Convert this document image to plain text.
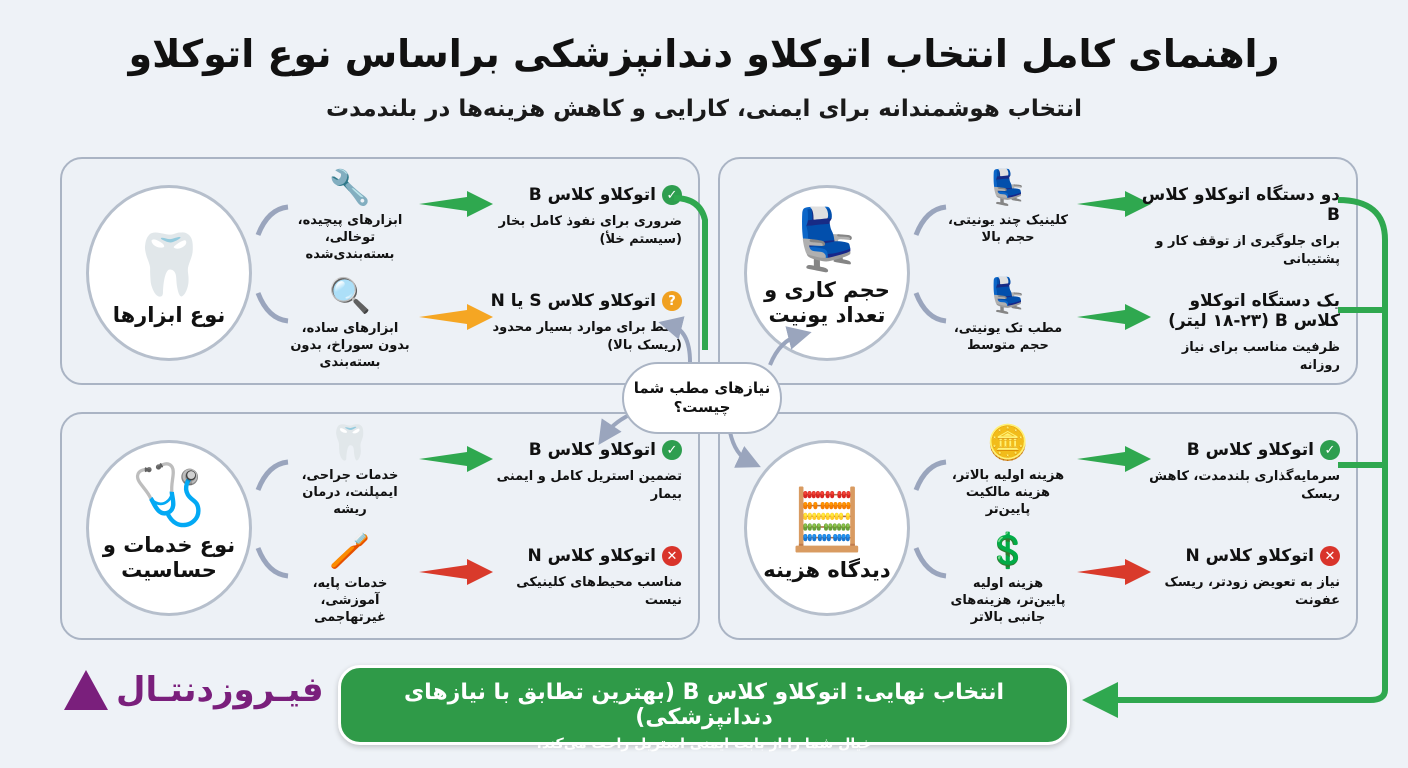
راهنمای کامل انتخاب اتوکلاو دندانپزشکی براساس نوع اتوکلاو
انتخاب هوشمندانه برای ایمنی، کارایی و کاهش هزینه‌ها در بلندمدت
🦷
نوع ابزارها
🔧
ابزارهای پیچیده، توخالی، بسته‌بندی‌شده
✓
اتوکلاو کلاس B
ضروری برای نفوذ کامل بخار (سیستم خلأ)
🔍
ابزارهای ساده، بدون سوراخ، بدون بسته‌بندی
?
اتوکلاو کلاس S یا N
فقط برای موارد بسیار محدود (ریسک بالا)
💺
حجم کاری و تعداد یونیت
💺
کلینیک چند یونیتی، حجم بالا
دو دستگاه اتوکلاو کلاس B
برای جلوگیری از توقف کار و پشتیبانی
💺
مطب تک یونیتی، حجم متوسط
یک دستگاه اتوکلاو کلاس B (۱۸-۲۳ لیتر)
ظرفیت مناسب برای نیاز روزانه
🩺
نوع خدمات و حساسیت
🦷
خدمات جراحی، ایمپلنت، درمان ریشه
✓
اتوکلاو کلاس B
تضمین استریل کامل و ایمنی بیمار
🪥
خدمات پایه، آموزشی، غیرتهاجمی
✕
اتوکلاو کلاس N
مناسب محیط‌های کلینیکی نیست
🧮
دیدگاه هزینه
🪙
هزینه اولیه بالاتر، هزینه مالکیت پایین‌تر
✓
اتوکلاو کلاس B
سرمایه‌گذاری بلندمدت، کاهش ریسک
💲
هزینه اولیه پایین‌تر، هزینه‌های جانبی بالاتر
✕
اتوکلاو کلاس N
نیاز به تعویض زودتر، ریسک عفونت
نیازهای مطب شما چیست؟
فیـروزدنتـال	انتخاب نهایی: اتوکلاو کلاس B (بهترین تطابق با نیازهای دندانپزشکی)
خیال شما را از بابت ایمنی استریل راحت می‌کند.
